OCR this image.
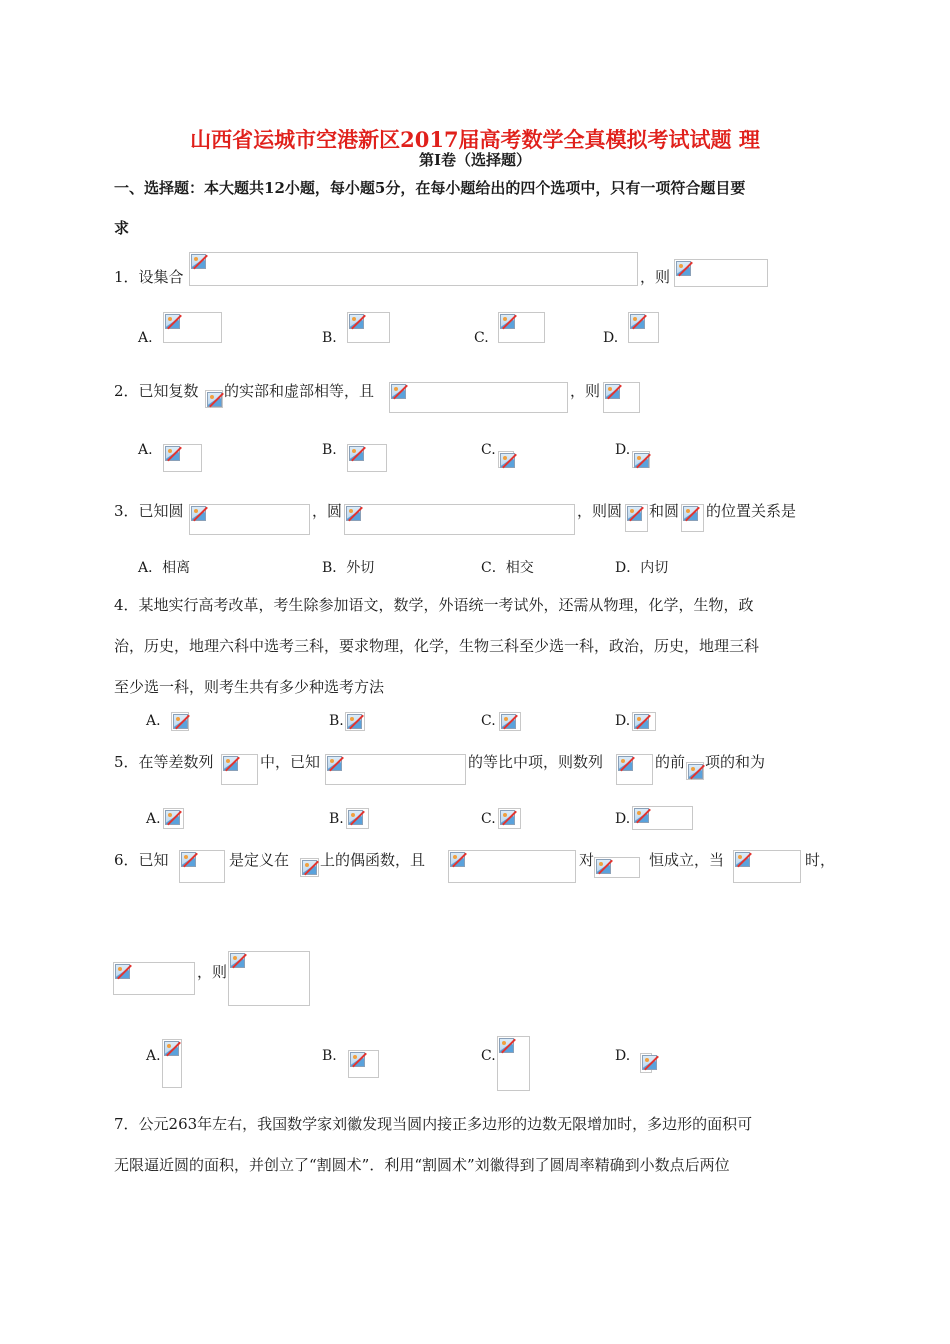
山西省运城市空港新区2017届高考数学全真模拟考试试题 理
第Ⅰ卷（选择题）
一、选择题：本大题共12小题，每小题5分，在每小题给出的四个选项中，只有一项符合题目要
求
1．设集合	，则
A.	B.	C.	D.
2．已知复数 的实部和虚部相等，且	，则
A.	B.	C.	D.
3．已知圆	，圆	，则圆 和圆 的位置关系是
A．相离	B．外切	C．相交	D．内切
4．某地实行高考改革，考生除参加语文，数学，外语统一考试外，还需从物理，化学，生物，政
治，历史，地理六科中选考三科，要求物理，化学，生物三科至少选一科，政治，历史，地理三科
至少选一科，则考生共有多少种选考方法
A.	B.	C.	D.
5．在等差数列	中，已知	的等比中项，则数列	的前 项的和为
A.	B.	C.	D.
6．已知	是定义在 上的偶函数，且	对	恒成立，当	时，
，则
A.	B.	C.	D.
7．公元263年左右，我国数学家刘徽发现当圆内接正多边形的边数无限增加时，多边形的面积可
无限逼近圆的面积，并创立了“割圆术”．利用“割圆术”刘徽得到了圆周率精确到小数点后两位
